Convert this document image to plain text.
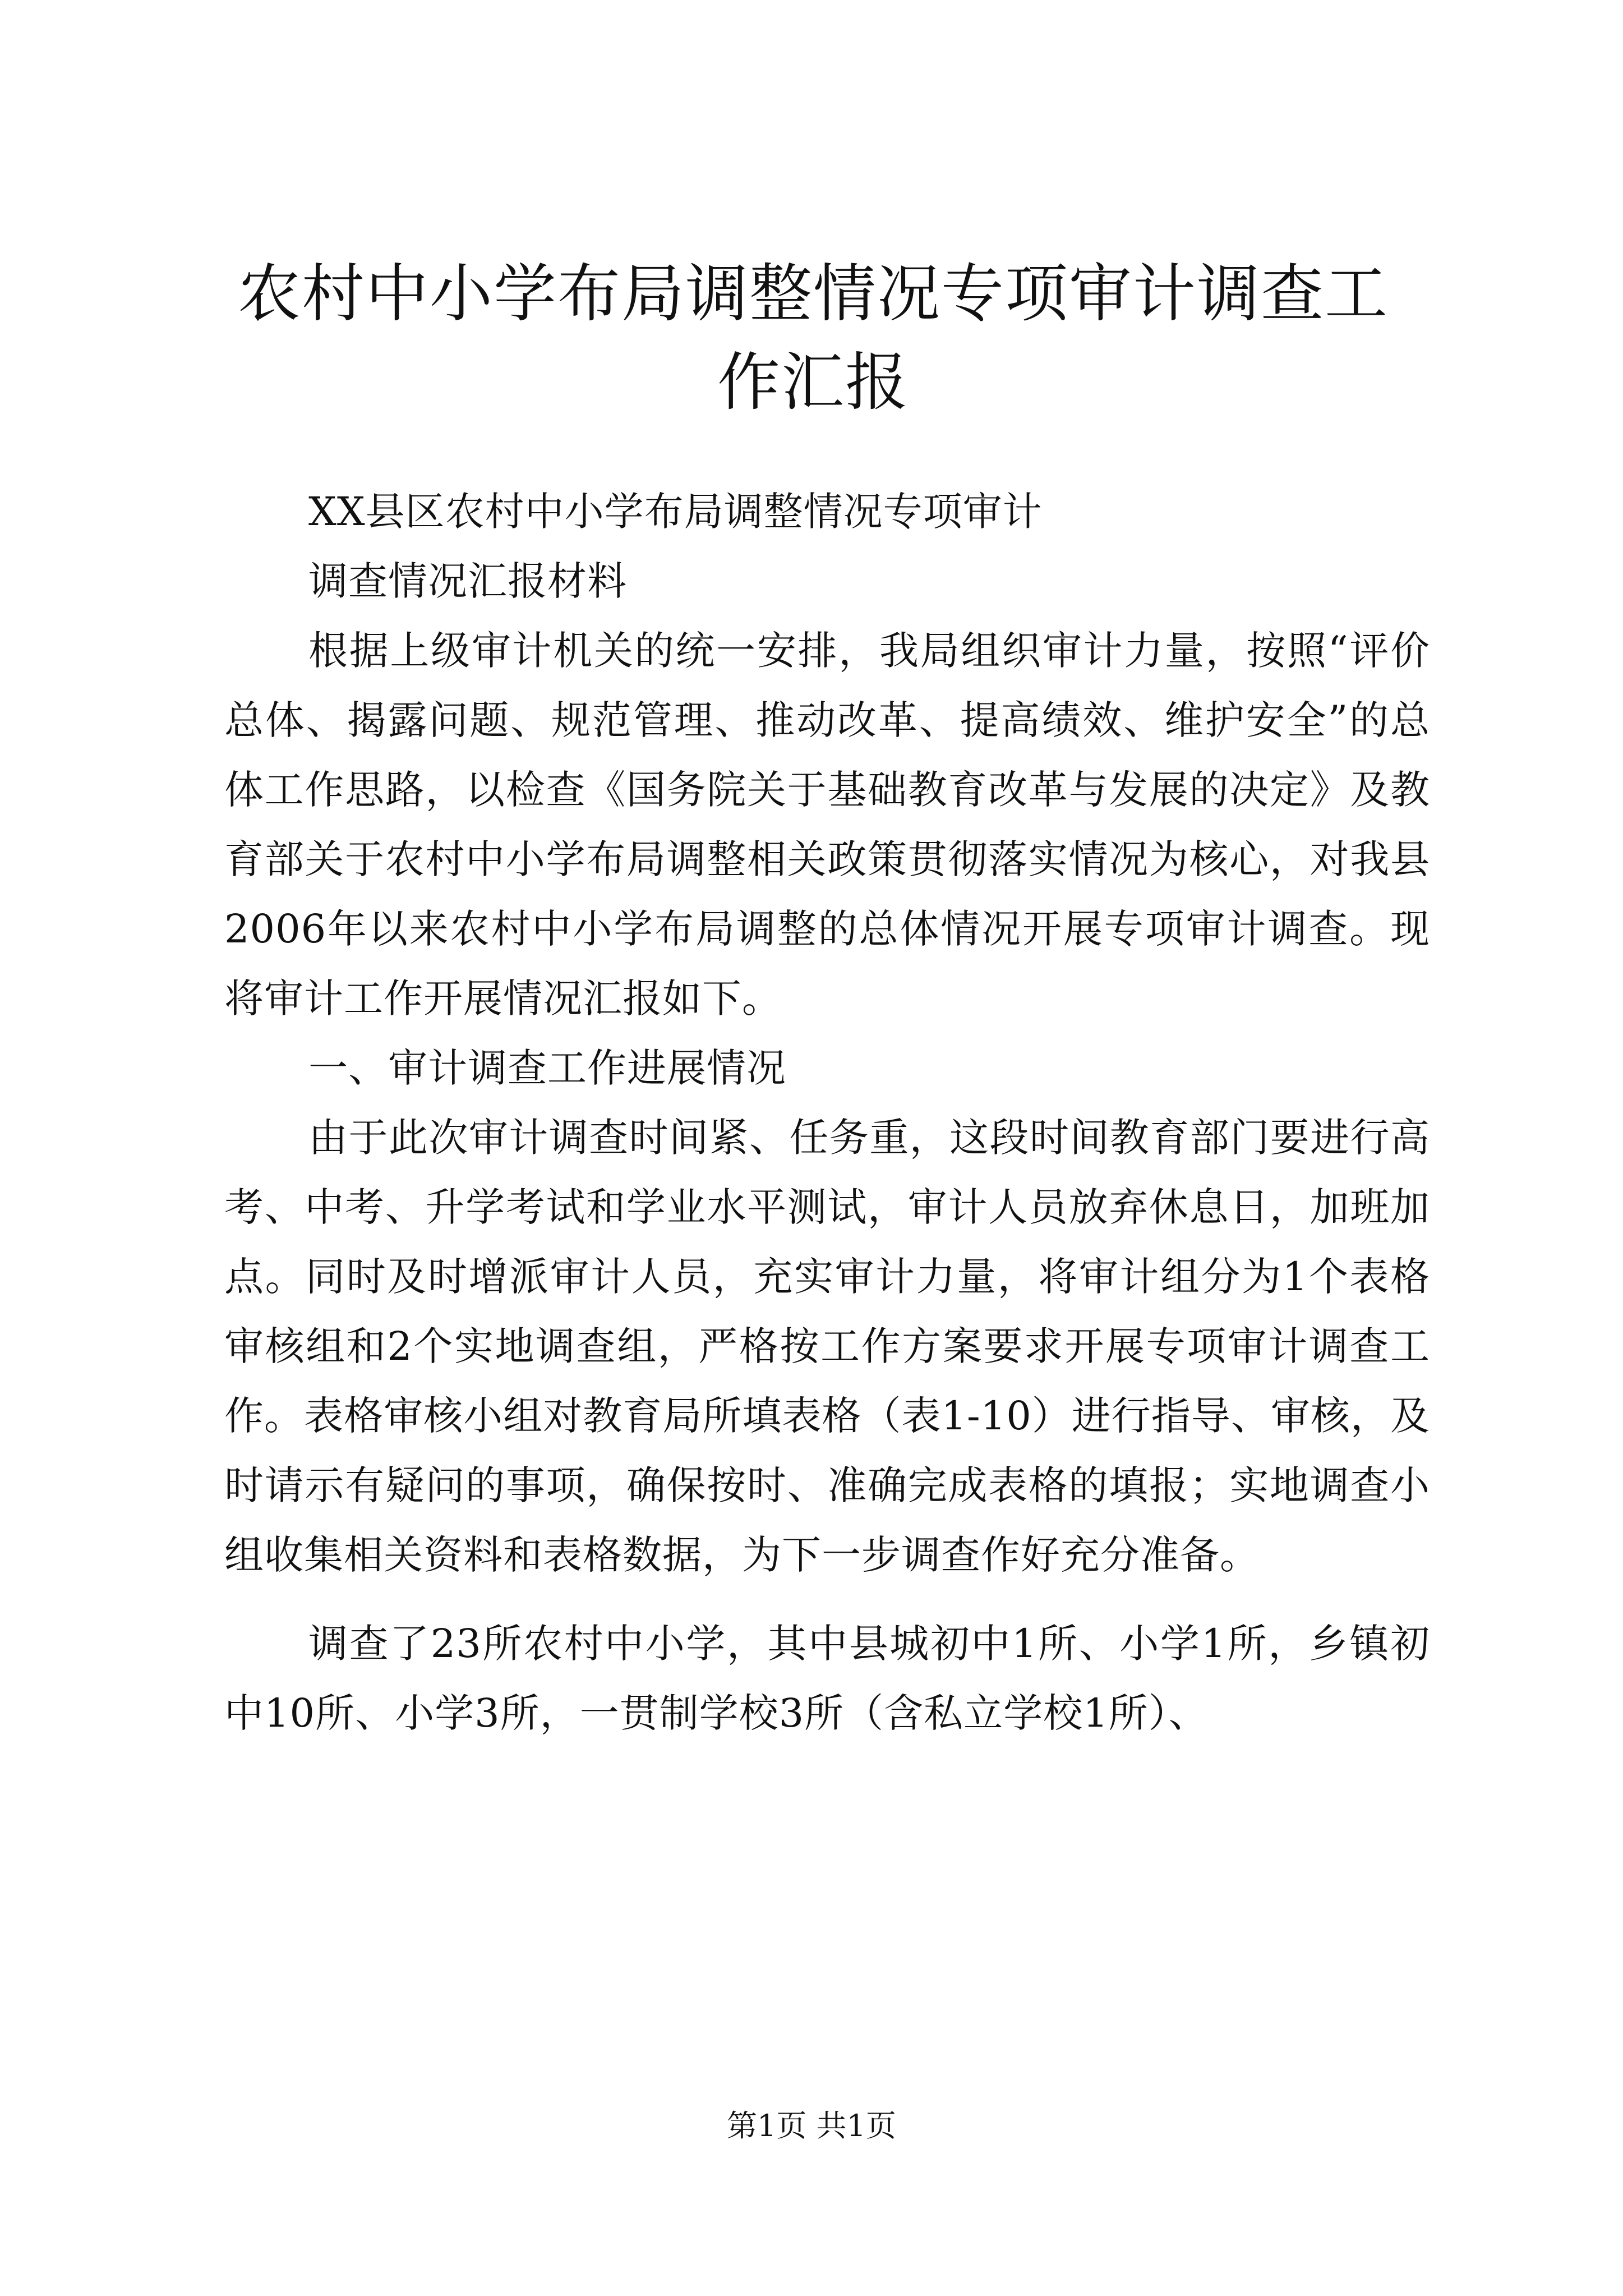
农村中小学布局调整情况专项审计调查工作汇报

XX县区农村中小学布局调整情况专项审计

调查情况汇报材料

根据上级审计机关的统一安排，我局组织审计力量，按照“评价总体、揭露问题、规范管理、推动改革、提高绩效、维护安全”的总体工作思路，以检查《国务院关于基础教育改革与发展的决定》及教育部关于农村中小学布局调整相关政策贯彻落实情况为核心，对我县2006年以来农村中小学布局调整的总体情况开展专项审计调查。现将审计工作开展情况汇报如下。

一、审计调查工作进展情况

由于此次审计调查时间紧、任务重，这段时间教育部门要进行高考、中考、升学考试和学业水平测试，审计人员放弃休息日，加班加点。同时及时增派审计人员，充实审计力量，将审计组分为1个表格审核组和2个实地调查组，严格按工作方案要求开展专项审计调查工作。表格审核小组对教育局所填表格（表1-10）进行指导、审核，及时请示有疑问的事项，确保按时、准确完成表格的填报；实地调查小组收集相关资料和表格数据，为下一步调查作好充分准备。

调查了23所农村中小学，其中县城初中1所、小学1所，乡镇初中10所、小学3所，一贯制学校3所（含私立学校1所）、

第1页 共1页
